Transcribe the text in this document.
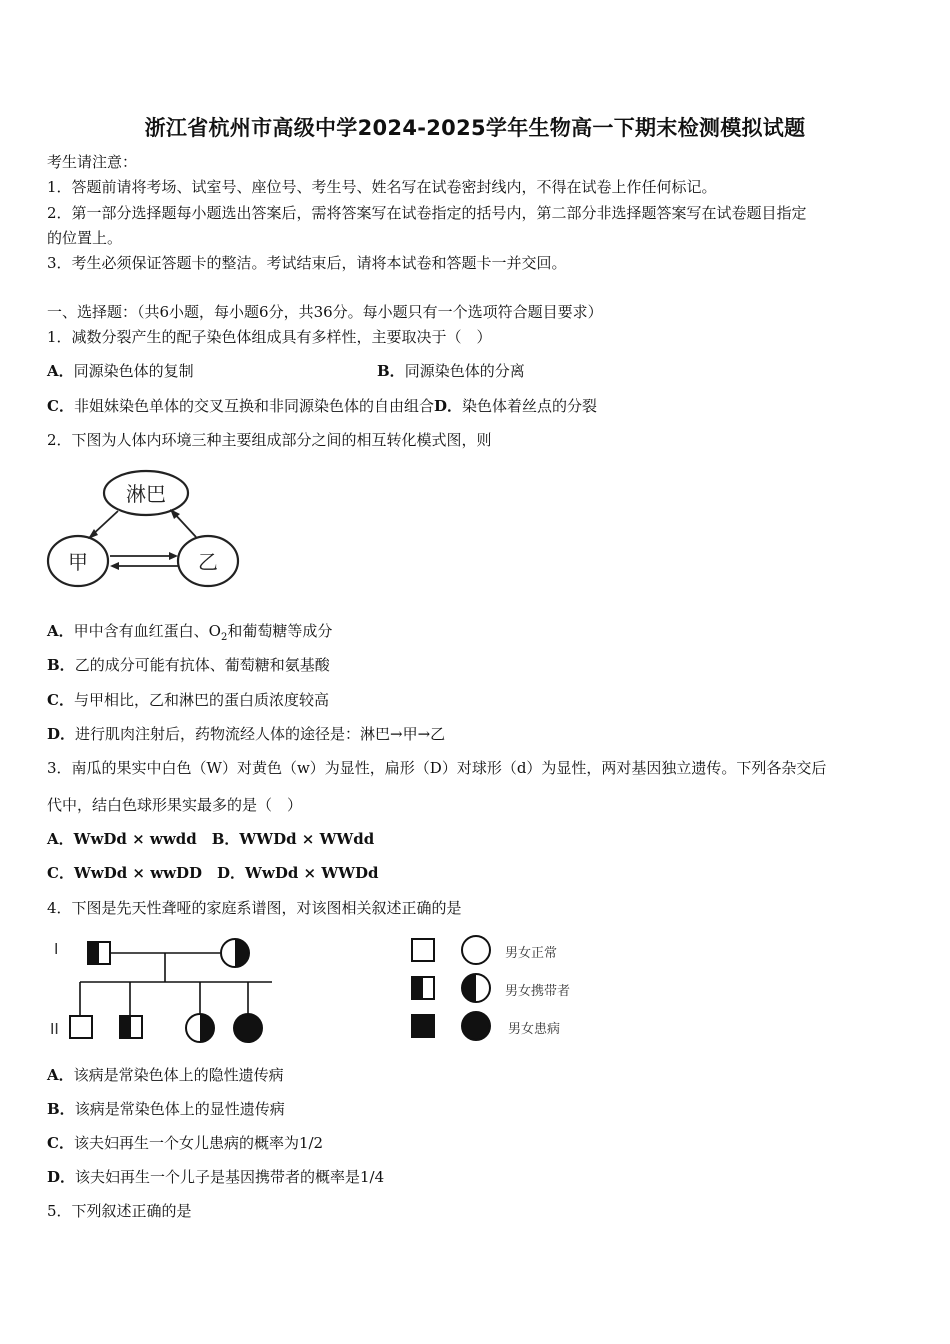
浙江省杭州市高级中学2024-2025学年生物高一下期末检测模拟试题
考生请注意：
1．答题前请将考场、试室号、座位号、考生号、姓名写在试卷密封线内，不得在试卷上作任何标记。
2．第一部分选择题每小题选出答案后，需将答案写在试卷指定的括号内，第二部分非选择题答案写在试卷题目指定
的位置上。
3．考生必须保证答题卡的整洁。考试结束后，请将本试卷和答题卡一并交回。
一、选择题：（共6小题，每小题6分，共36分。每小题只有一个选项符合题目要求）
1．减数分裂产生的配子染色体组成具有多样性，主要取决于（　）
A．同源染色体的复制	B．同源染色体的分离
C．非姐妹染色单体的交叉互换和非同源染色体的自由组合D．染色体着丝点的分裂
2．下图为人体内环境三种主要组成部分之间的相互转化模式图，则
淋巴
甲	乙
A．甲中含有血红蛋白、$O_2$和葡萄糖等成分
B．乙的成分可能有抗体、葡萄糖和氨基酸
C．与甲相比，乙和淋巴的蛋白质浓度较高
D．进行肌肉注射后，药物流经人体的途径是：淋巴→甲→乙
3．南瓜的果实中白色（W）对黄色（w）为显性，扁形（D）对球形（d）为显性，两对基因独立遗传。下列各杂交后
代中，结白色球形果实最多的是（　）
A．WwDd × wwdd　B．WWDd × WWdd
C．WwDd × wwDD　D．WwDd × WWDd
4．下图是先天性聋哑的家庭系谱图，对该图相关叙述正确的是
I
II
男女正常
男女携带者
男女患病
A．该病是常染色体上的隐性遗传病
B．该病是常染色体上的显性遗传病
C．该夫妇再生一个女儿患病的概率为1/2
D．该夫妇再生一个儿子是基因携带者的概率是1/4
5．下列叙述正确的是
